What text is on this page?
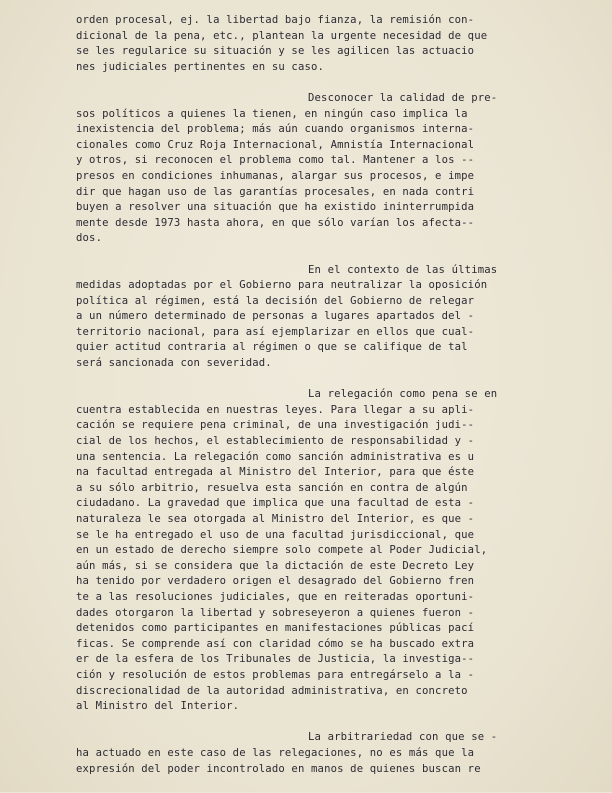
orden procesal, ej. la libertad bajo fianza, la remisión con-
dicional de la pena, etc., plantean la urgente necesidad de que
se les regularice su situación y se les agilicen las actuacio
nes judiciales pertinentes en su caso.
Desconocer la calidad de pre-
sos políticos a quienes la tienen, en ningún caso implica la
inexistencia del problema; más aún cuando organismos interna-
cionales como Cruz Roja Internacional, Amnistía Internacional
y otros, si reconocen el problema como tal. Mantener a los --
presos en condiciones inhumanas, alargar sus procesos, e impe
dir que hagan uso de las garantías procesales, en nada contri
buyen a resolver una situación que ha existido ininterrumpida
mente desde 1973 hasta ahora, en que sólo varían los afecta--
dos.
En el contexto de las últimas
medidas adoptadas por el Gobierno para neutralizar la oposición
política al régimen, está la decisión del Gobierno de relegar
a un número determinado de personas a lugares apartados del -
territorio nacional, para así ejemplarizar en ellos que cual-
quier actitud contraria al régimen o que se califique de tal
será sancionada con severidad.
La relegación como pena se en
cuentra establecida en nuestras leyes. Para llegar a su apli-
cación se requiere pena criminal, de una investigación judi--
cial de los hechos, el establecimiento de responsabilidad y -
una sentencia. La relegación como sanción administrativa es u
na facultad entregada al Ministro del Interior, para que éste
a su sólo arbitrio, resuelva esta sanción en contra de algún
ciudadano. La gravedad que implica que una facultad de esta -
naturaleza le sea otorgada al Ministro del Interior, es que -
se le ha entregado el uso de una facultad jurisdiccional, que
en un estado de derecho siempre solo compete al Poder Judicial,
aún más, si se considera que la dictación de este Decreto Ley
ha tenido por verdadero origen el desagrado del Gobierno fren
te a las resoluciones judiciales, que en reiteradas oportuni-
dades otorgaron la libertad y sobreseyeron a quienes fueron -
detenidos como participantes en manifestaciones públicas pací
ficas. Se comprende así con claridad cómo se ha buscado extra
er de la esfera de los Tribunales de Justicia, la investiga--
ción y resolución de estos problemas para entregárselo a la -
discrecionalidad de la autoridad administrativa, en concreto
al Ministro del Interior.
La arbitrariedad con que se -
ha actuado en este caso de las relegaciones, no es más que la
expresión del poder incontrolado en manos de quienes buscan re
